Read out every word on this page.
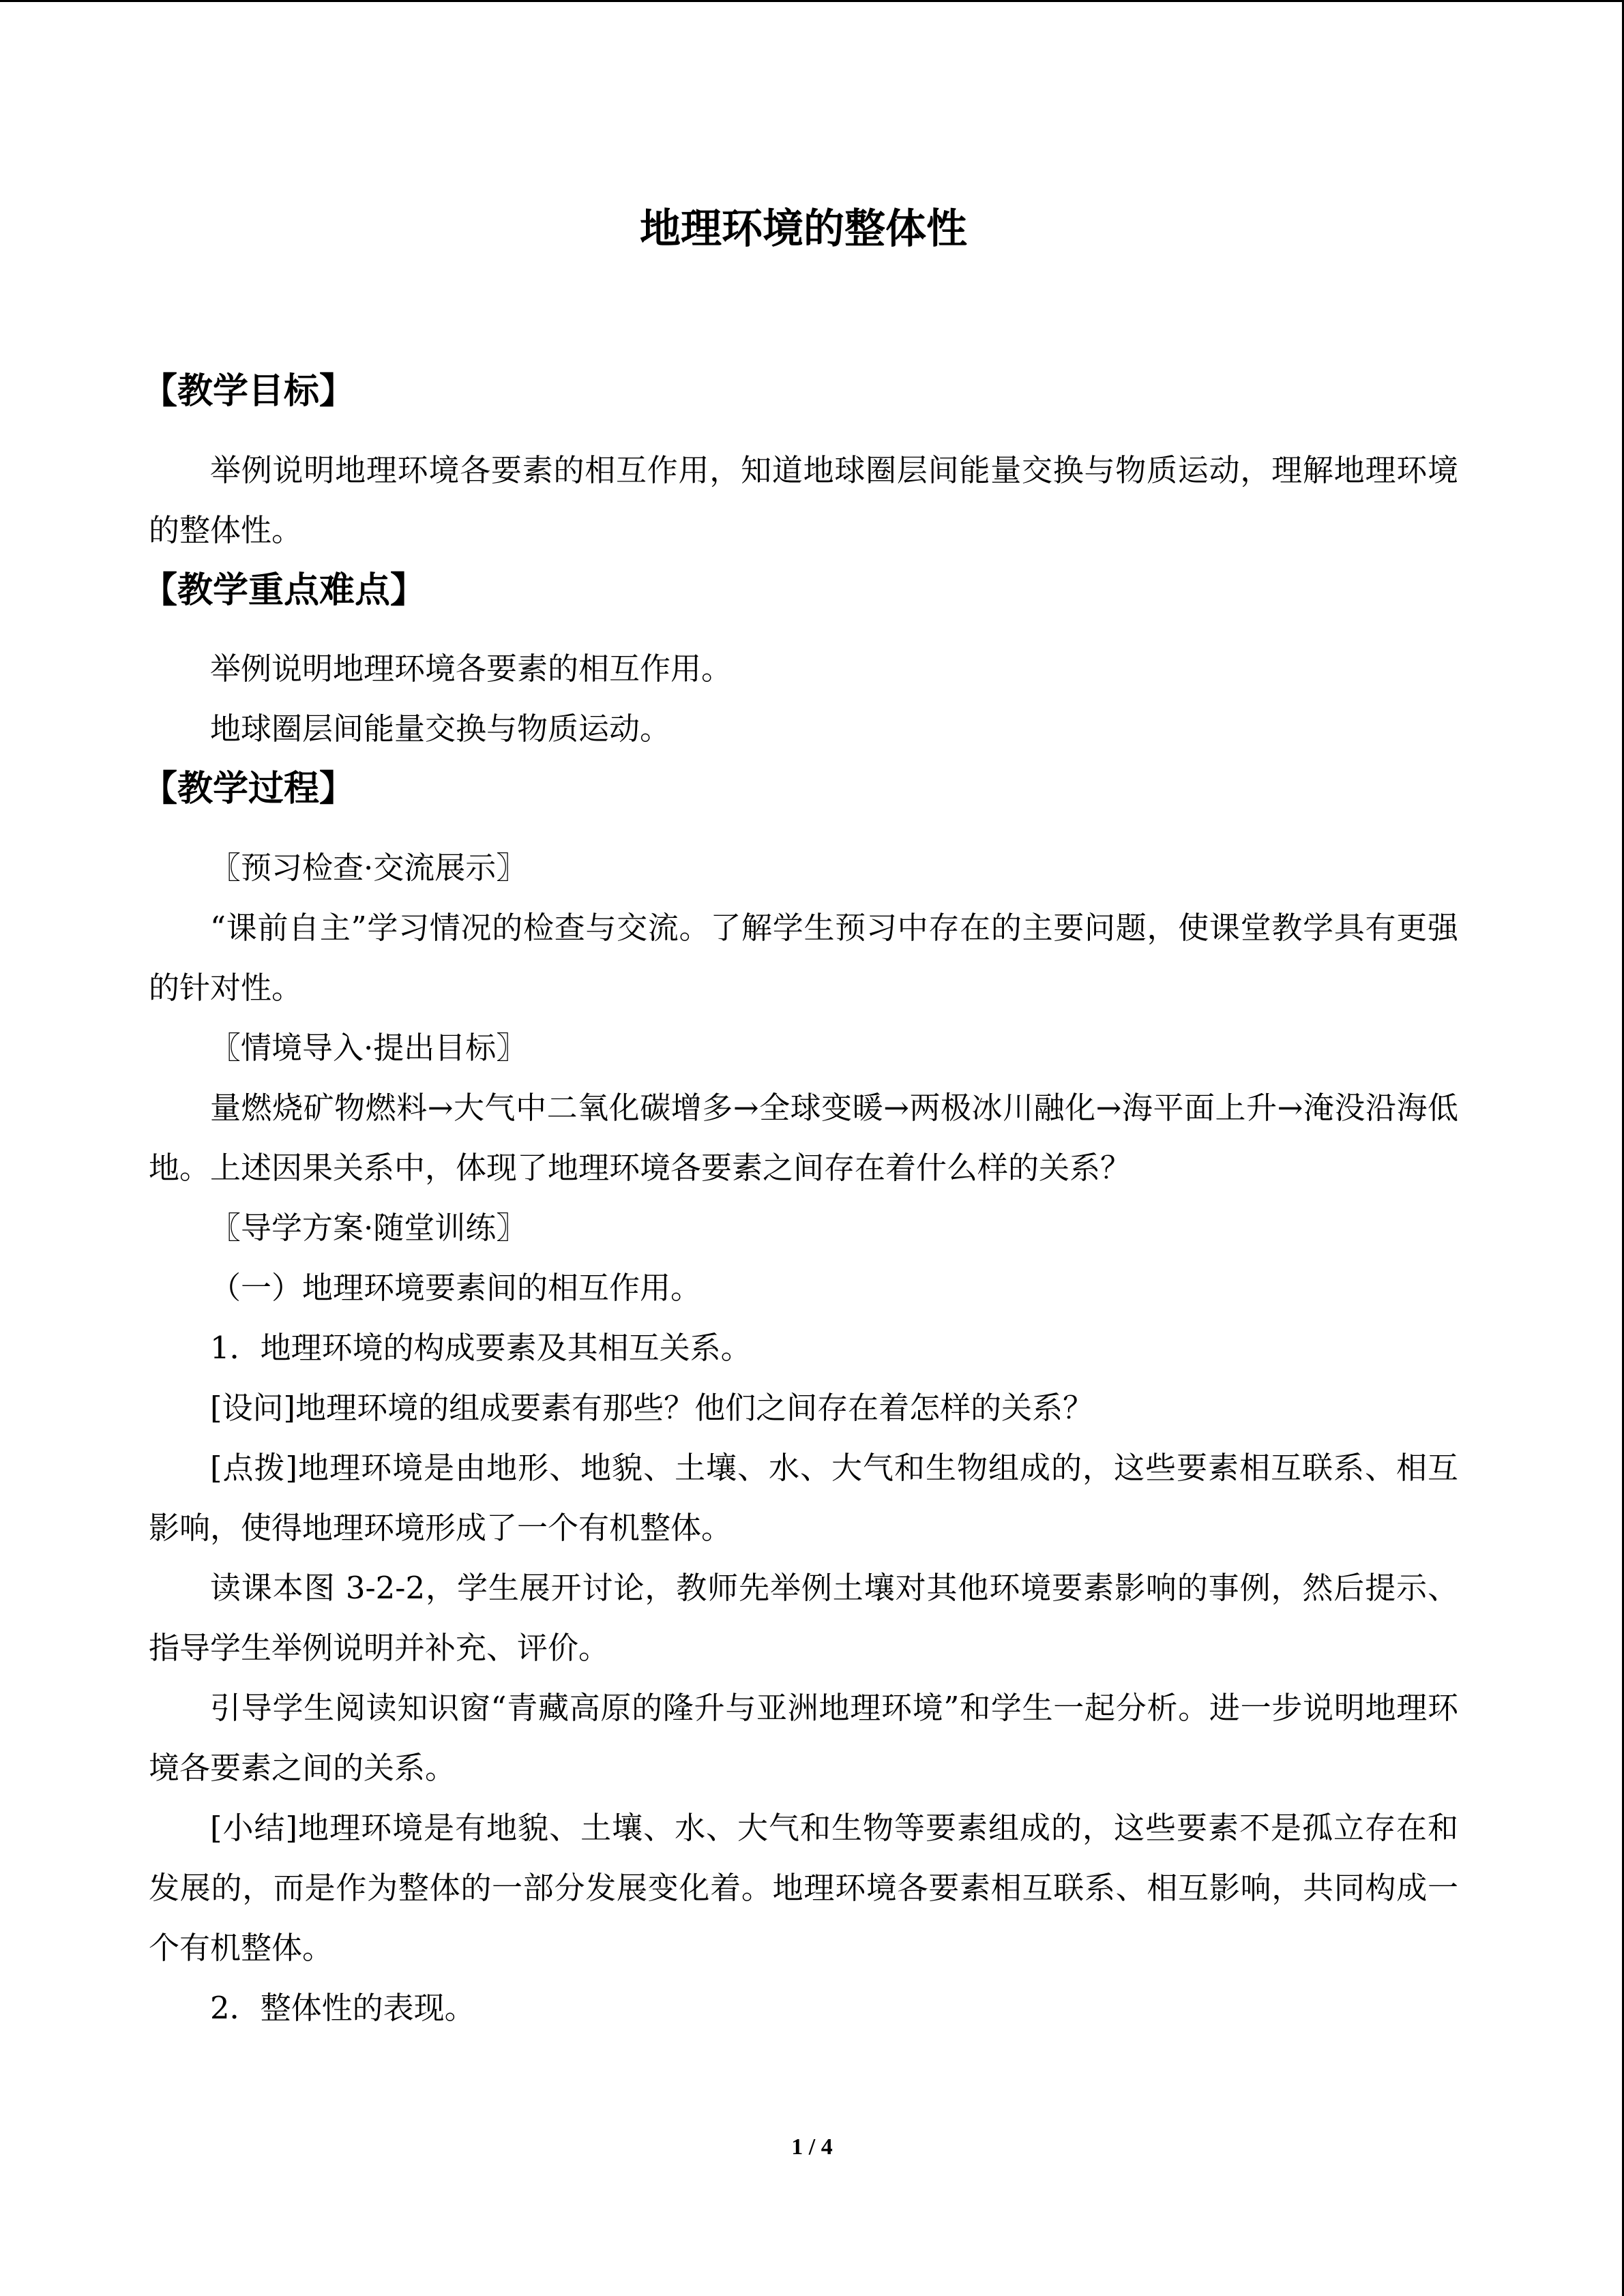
地理环境的整体性
【教学目标】

举例说明地理环境各要素的相互作用，知道地球圈层间能量交换与物质运动，理解地理环境的整体性。

【教学重点难点】

举例说明地理环境各要素的相互作用。

地球圈层间能量交换与物质运动。

【教学过程】

〖预习检查·交流展示〗

“课前自主”学习情况的检查与交流。了解学生预习中存在的主要问题，使课堂教学具有更强的针对性。

〖情境导入·提出目标〗

量燃烧矿物燃料→大气中二氧化碳增多→全球变暖→两极冰川融化→海平面上升→淹没沿海低地。上述因果关系中，体现了地理环境各要素之间存在着什么样的关系？

〖导学方案·随堂训练〗

（一）地理环境要素间的相互作用。

1．地理环境的构成要素及其相互关系。

[设问]地理环境的组成要素有那些？他们之间存在着怎样的关系？

[点拨]地理环境是由地形、地貌、土壤、水、大气和生物组成的，这些要素相互联系、相互影响，使得地理环境形成了一个有机整体。

读课本图 3-2-2，学生展开讨论，教师先举例土壤对其他环境要素影响的事例，然后提示、指导学生举例说明并补充、评价。

引导学生阅读知识窗“青藏高原的隆升与亚洲地理环境”和学生一起分析。进一步说明地理环境各要素之间的关系。

[小结]地理环境是有地貌、土壤、水、大气和生物等要素组成的，这些要素不是孤立存在和发展的，而是作为整体的一部分发展变化着。地理环境各要素相互联系、相互影响，共同构成一个有机整体。

2．整体性的表现。

1 / 4
